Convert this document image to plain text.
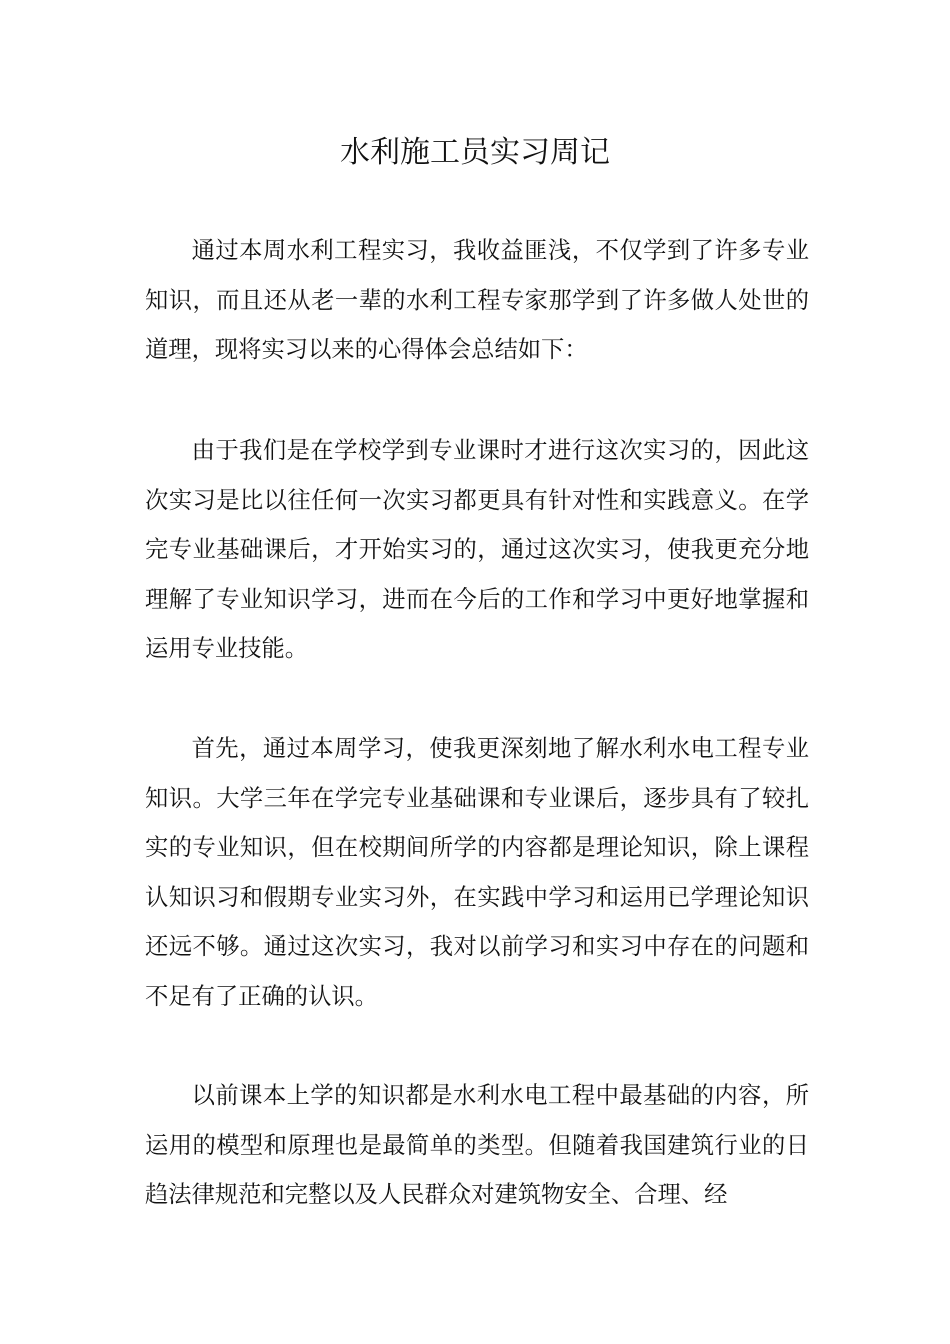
水利施工员实习周记

通过本周水利工程实习，我收益匪浅，不仅学到了许多专业知识，而且还从老一辈的水利工程专家那学到了许多做人处世的道理，现将实习以来的心得体会总结如下：

由于我们是在学校学到专业课时才进行这次实习的，因此这次实习是比以往任何一次实习都更具有针对性和实践意义。在学完专业基础课后，才开始实习的，通过这次实习，使我更充分地理解了专业知识学习，进而在今后的工作和学习中更好地掌握和运用专业技能。

首先，通过本周学习，使我更深刻地了解水利水电工程专业知识。大学三年在学完专业基础课和专业课后，逐步具有了较扎实的专业知识，但在校期间所学的内容都是理论知识，除上课程认知识习和假期专业实习外，在实践中学习和运用已学理论知识还远不够。通过这次实习，我对以前学习和实习中存在的问题和不足有了正确的认识。

以前课本上学的知识都是水利水电工程中最基础的内容，所运用的模型和原理也是最简单的类型。但随着我国建筑行业的日趋法律规范和完整以及人民群众对建筑物安全、合理、经
